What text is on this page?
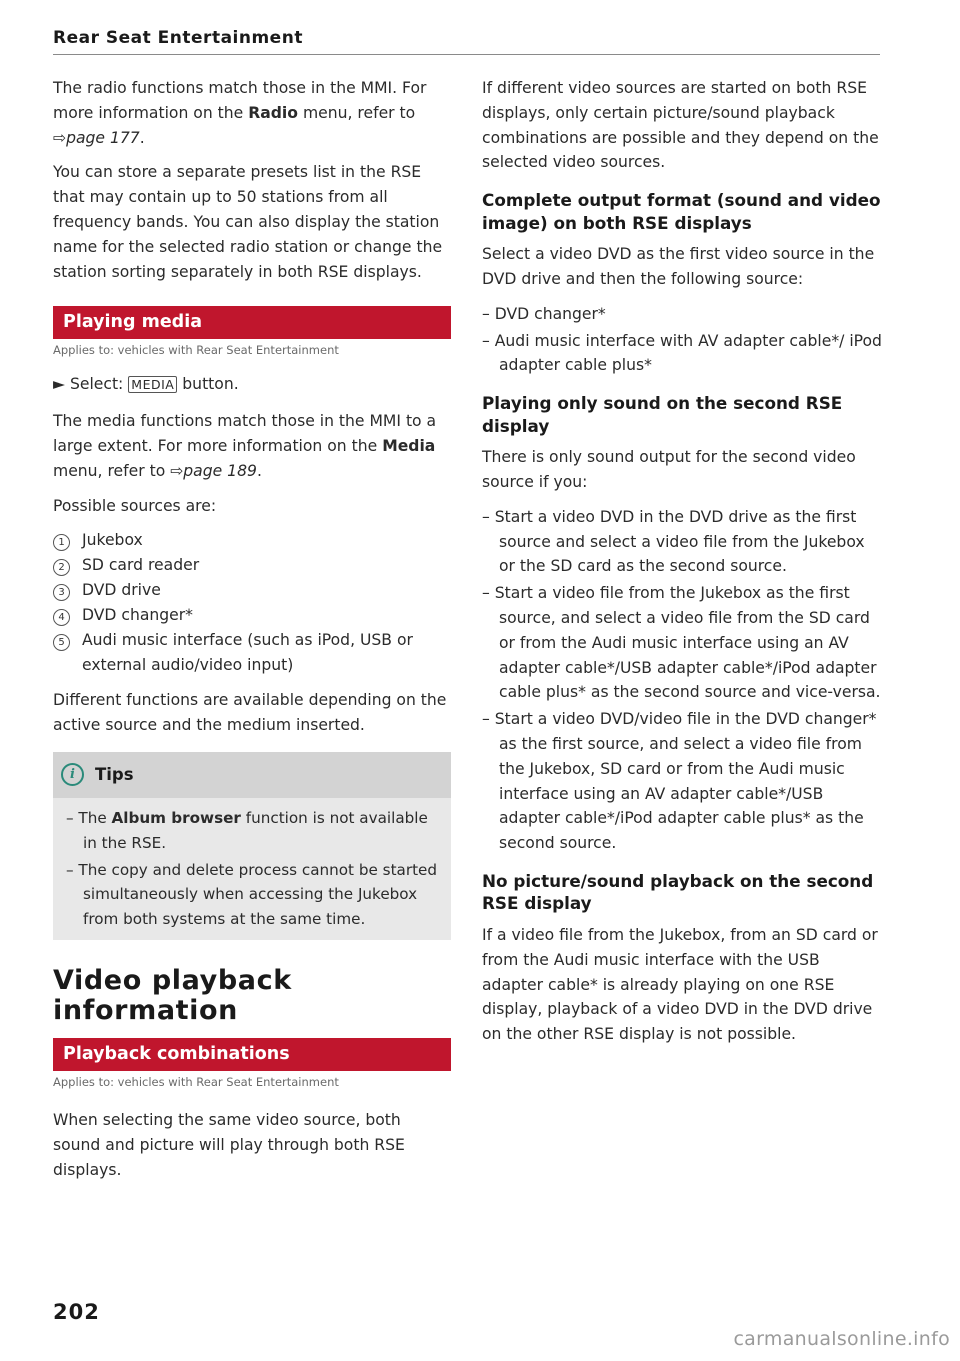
Rear Seat Entertainment

The radio functions match those in the MMI. For more information on the Radio menu, refer to ⇨page 177.

You can store a separate presets list in the RSE that may contain up to 50 stations from all frequency bands. You can also display the station name for the selected radio station or change the station sorting separately in both RSE displays.

Playing media
Applies to: vehicles with Rear Seat Entertainment
► Select: MEDIA button.

The media functions match those in the MMI to a large extent. For more information on the Media menu, refer to ⇨page 189.

Possible sources are:

1	Jukebox
2	SD card reader
3	DVD drive
4	DVD changer*
5	Audi music interface (such as iPod, USB or external audio/video input)

Different functions are available depending on the active source and the medium inserted.

i	Tips
– The Album browser function is not available in the RSE.
– The copy and delete process cannot be started simultaneously when accessing the Jukebox from both systems at the same time.
Video playback information
Playback combinations
Applies to: vehicles with Rear Seat Entertainment

When selecting the same video source, both sound and picture will play through both RSE displays.

If different video sources are started on both RSE displays, only certain picture/sound playback combinations are possible and they depend on the selected video sources.

Complete output format (sound and video image) on both RSE displays

Select a video DVD as the first video source in the DVD drive and then the following source:

– DVD changer*
– Audi music interface with AV adapter cable*/ iPod adapter cable plus*
Playing only sound on the second RSE display

There is only sound output for the second video source if you:

– Start a video DVD in the DVD drive as the first source and select a video file from the Jukebox or the SD card as the second source.
– Start a video file from the Jukebox as the first source, and select a video file from the SD card or from the Audi music interface using an AV adapter cable*/USB adapter cable*/iPod adapter cable plus* as the second source and vice-versa.
– Start a video DVD/video file in the DVD changer* as the first source, and select a video file from the Jukebox, SD card or from the Audi music interface using an AV adapter cable*/USB adapter cable*/iPod adapter cable plus* as the second source.
No picture/sound playback on the second RSE display

If a video file from the Jukebox, from an SD card or from the Audi music interface with the USB adapter cable* is already playing on one RSE display, playback of a video DVD in the DVD drive on the other RSE display is not possible.

202
carmanualsonline.info
